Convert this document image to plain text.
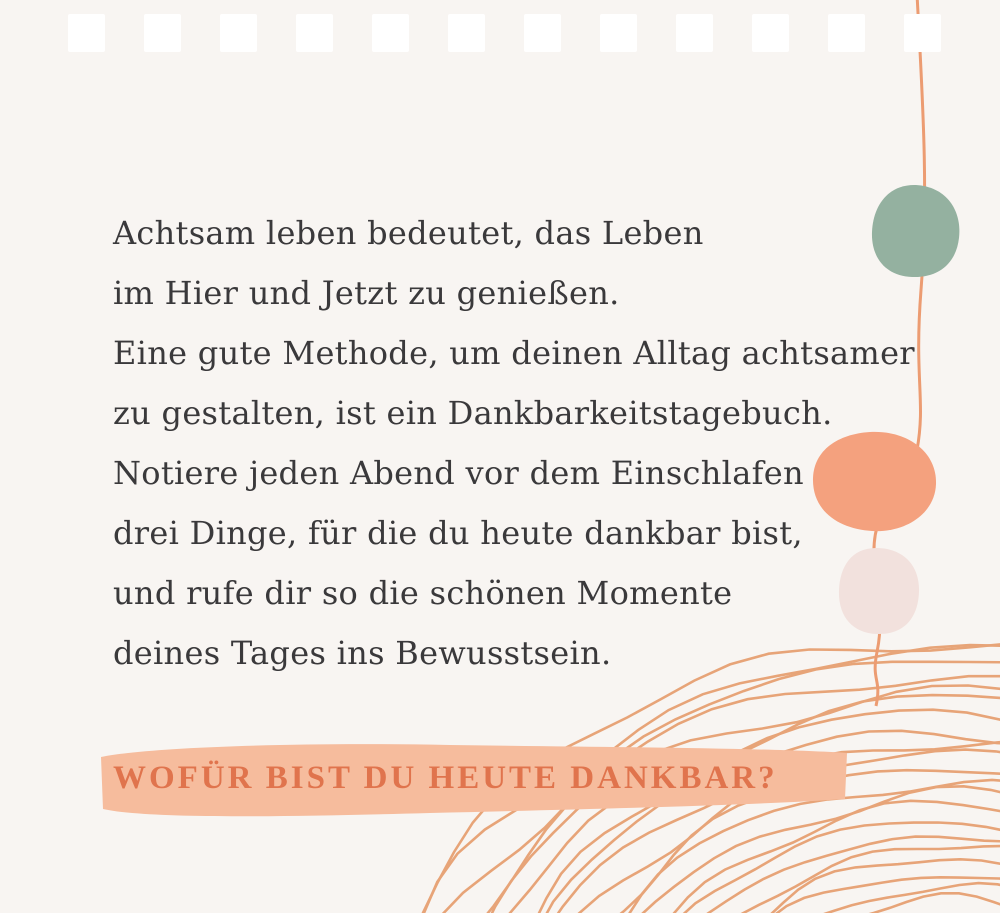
Achtsam leben bedeutet, das Leben
im Hier und Jetzt zu genießen.
Eine gute Methode, um deinen Alltag achtsamer
zu gestalten, ist ein Dankbarkeitstagebuch.
Notiere jeden Abend vor dem Einschlafen
drei Dinge, für die du heute dankbar bist,
und rufe dir so die schönen Momente
deines Tages ins Bewusstsein.
WOFÜR BIST DU HEUTE DANKBAR?
